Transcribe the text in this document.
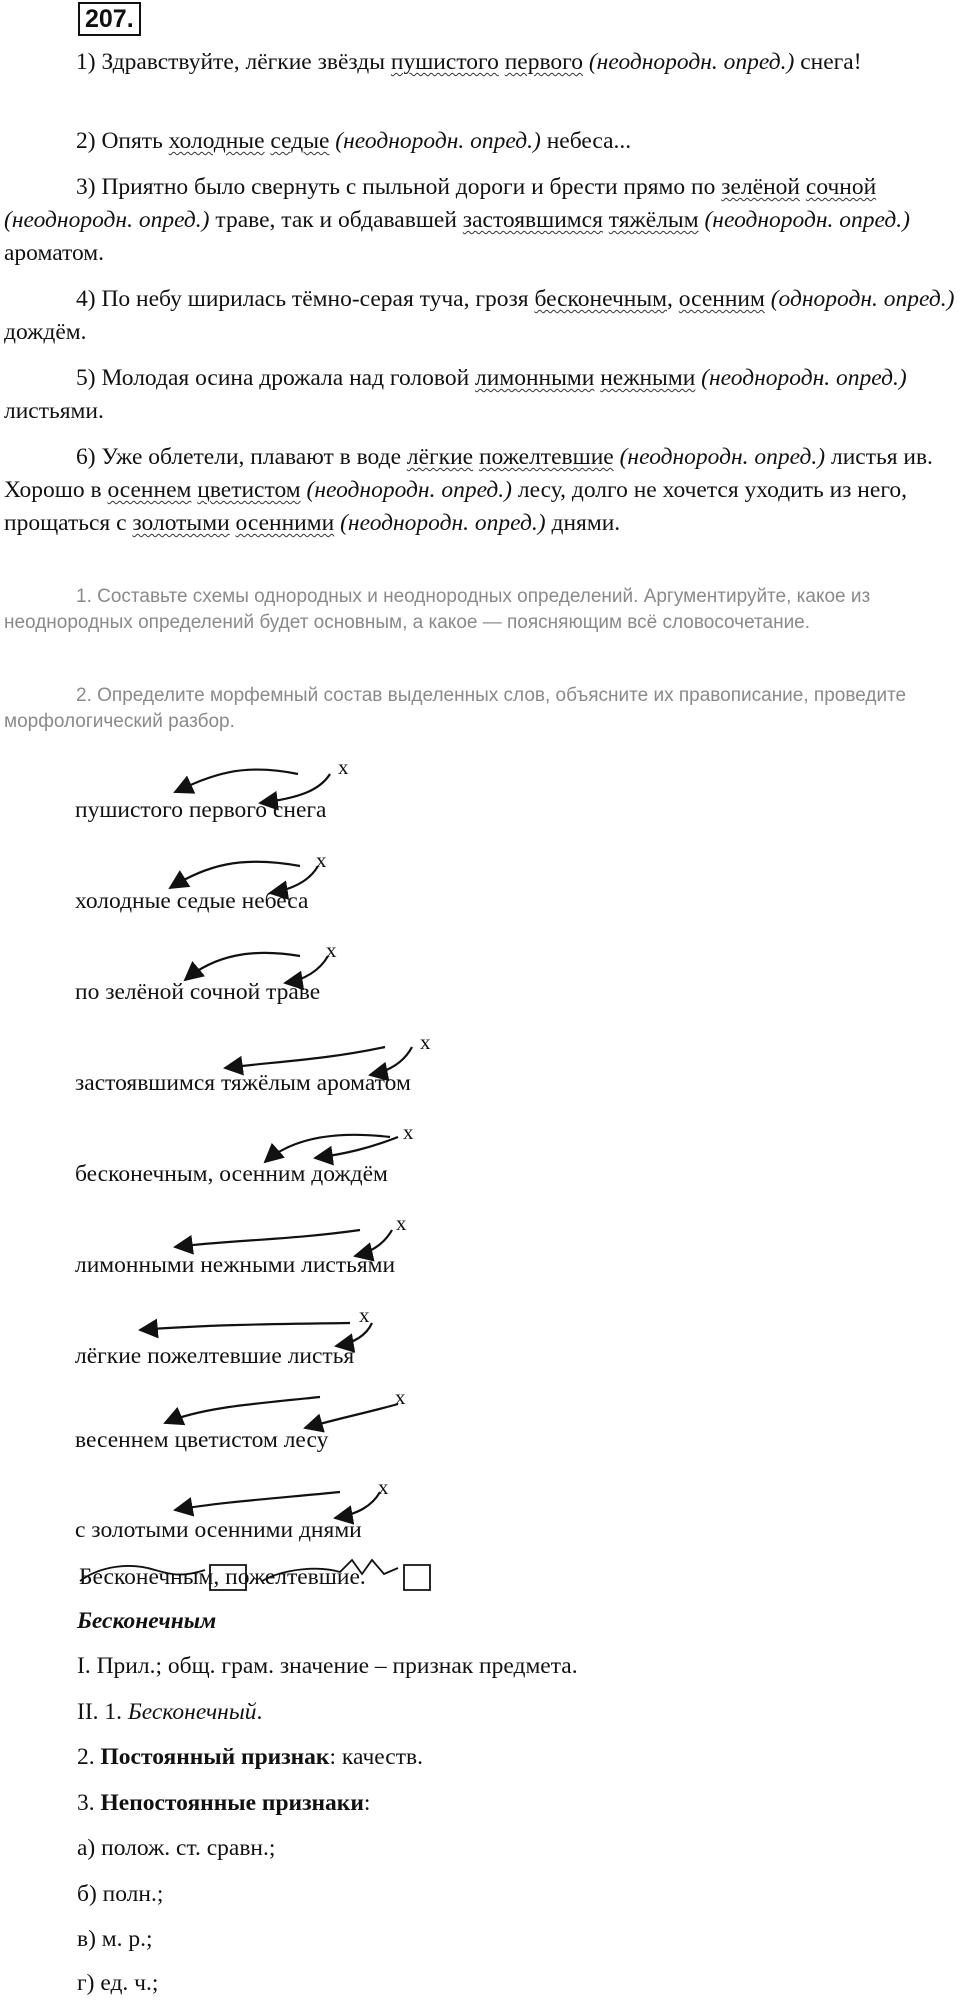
207.

1) Здравствуйте, лёгкие звёзды пушистого первого (неоднородн. опред.) снега!

2) Опять холодные седые (неоднородн. опред.) небеса...

3) Приятно было свернуть с пыльной дороги и брести прямо по зелёной сочной (неоднородн. опред.) траве, так и обдававшей застоявшимся тяжёлым (неоднородн. опред.) ароматом.

4) По небу ширилась тёмно-серая туча, грозя бесконечным, осенним (однородн. опред.) дождём.

5) Молодая осина дрожала над головой лимонными нежными (неоднородн. опред.) листьями.

6) Уже облетели, плавают в воде лёгкие пожелтевшие (неоднородн. опред.) листья ив. Хорошо в осеннем цветистом (неоднородн. опред.) лесу, долго не хочется уходить из него, прощаться с золотыми осенними (неоднородн. опред.) днями.

1. Составьте схемы однородных и неоднородных определений. Аргументируйте, какое из неоднородных определений будет основным, а какое — поясняющим всё словосочетание.

2. Определите морфемный состав выделенных слов, объясните их правописание, проведите морфологический разбор.

x
x
x
x
x
x
x
x
x
пушистого первого снега
холодные седые небеса
по зелёной сочной траве
застоявшимся тяжёлым ароматом
бесконечным, осенним дождём
лимонными нежными листьями
лёгкие пожелтевшие листья
весеннем цветистом лесу
с золотыми осенними днями
Бесконечным, пожелтевшие.
Бесконечным
I. Прил.; общ. грам. значение – признак предмета.
II. 1. Бесконечный.
2. Постоянный признак: качеств.
3. Непостоянные признаки:
а) полож. ст. сравн.;
б) полн.;
в) м. р.;
г) ед. ч.;
